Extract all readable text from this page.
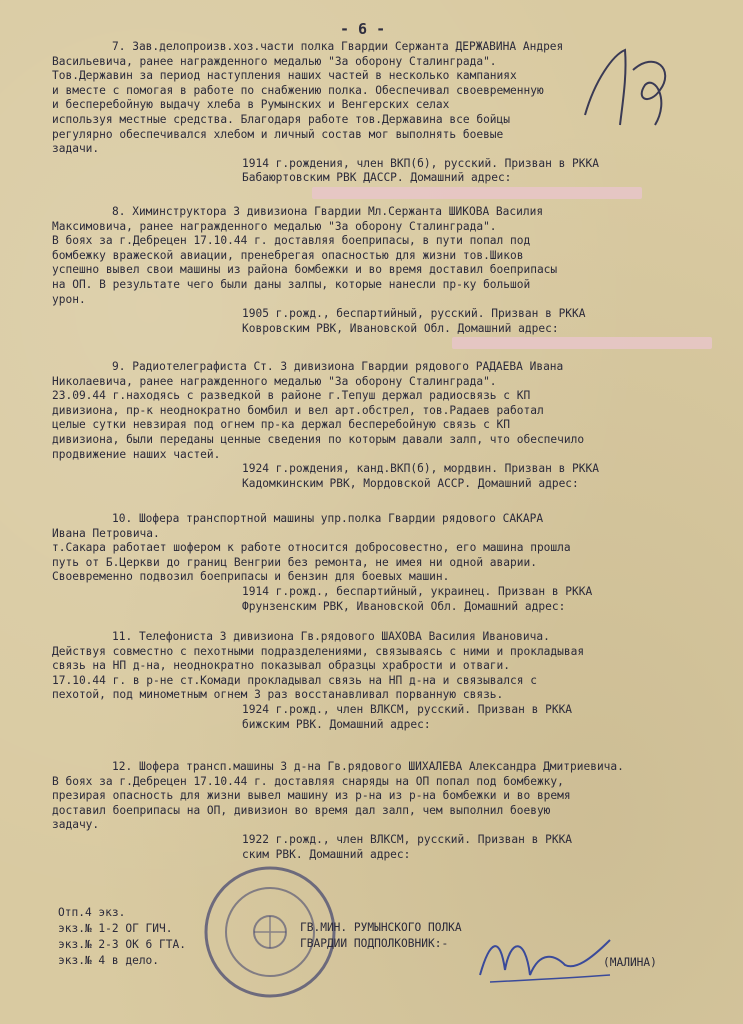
- 6 -

7. Зав.делопроизв.хоз.части полка Гвардии Сержанта ДЕРЖАВИНА Андрея
Васильевича, ранее награжденного медалью "За оборону Сталинграда".
Тов.Державин за период наступления наших частей в несколько кампаниях
и вместе с помогая в работе по снабжению полка. Обеспечивал своевременную
и бесперебойную выдачу хлеба в Румынских и Венгерских селах
используя местные средства. Благодаря работе тов.Державина все бойцы
регулярно обеспечивался хлебом и личный состав мог выполнять боевые
задачи.

1914 г.рождения, член ВКП(б), русский. Призван в РККА
Бабаюртовским РВК ДАССР. Домашний адрес:

8. Химинструктора 3 дивизиона Гвардии Мл.Сержанта ШИКОВА Василия
Максимовича, ранее награжденного медалью "За оборону Сталинграда".
В боях за г.Дебрецен 17.10.44 г. доставляя боеприпасы, в пути попал под
бомбежку вражеской авиации, пренебрегая опасностью для жизни тов.Шиков
успешно вывел свои машины из района бомбежки и во время доставил боеприпасы
на ОП. В результате чего были даны залпы, которые нанесли пр-ку большой
урон.

1905 г.рожд., беспартийный, русский. Призван в РККА
Ковровским РВК, Ивановской Обл. Домашний адрес:

9. Радиотелеграфиста Ст. 3 дивизиона Гвардии рядового РАДАЕВА Ивана
Николаевича, ранее награжденного медалью "За оборону Сталинграда".
23.09.44 г.находясь с разведкой в районе г.Тепуш держал радиосвязь с КП
дивизиона, пр-к неоднократно бомбил и вел арт.обстрел, тов.Радаев работал
целые сутки невзирая под огнем пр-ка держал бесперебойную связь с КП
дивизиона, были переданы ценные сведения по которым давали залп, что обеспечило
продвижение наших частей.

1924 г.рождения, канд.ВКП(б), мордвин. Призван в РККА
Кадомкинским РВК, Мордовской АССР. Домашний адрес:

10. Шофера транспортной машины упр.полка Гвардии рядового САКАРА
Ивана Петровича.
т.Сакара работает шофером к работе относится добросовестно, его машина прошла
путь от Б.Церкви до границ Венгрии без ремонта, не имея ни одной аварии.
Своевременно подвозил боеприпасы и бензин для боевых машин.

1914 г.рожд., беспартийный, украинец. Призван в РККА
Фрунзенским РВК, Ивановской Обл. Домашний адрес:

11. Телефониста 3 дивизиона Гв.рядового ШАХОВА Василия Ивановича.
Действуя совместно с пехотными подразделениями, связываясь с ними и прокладывая
связь на НП д-на, неоднократно показывал образцы храбрости и отваги.
17.10.44 г. в р-не ст.Комади прокладывал связь на НП д-на и связывался с
пехотой, под минометным огнем 3 раз восстанавливал порванную связь.

1924 г.рожд., член ВЛКСМ, русский. Призван в РККА
бижским РВК. Домашний адрес:

12. Шофера трансп.машины 3 д-на Гв.рядового ШИХАЛЕВА Александра Дмитриевича.
В боях за г.Дебрецен 17.10.44 г. доставляя снаряды на ОП попал под бомбежку,
презирая опасность для жизни вывел машину из р-на из р-на бомбежки и во время
доставил боеприпасы на ОП, дивизион во время дал залп, чем выполнил боевую
задачу.

1922 г.рожд., член ВЛКСМ, русский. Призван в РККА
ским РВК. Домашний адрес:

Отп.4 экз.

экз.№ 1-2 ОГ ГИЧ.

экз.№ 2-3 ОК 6 ГТА.

экз.№ 4 в дело.

ГВ.МИН. РУМЫНСКОГО ПОЛКА

ГВАРДИИ ПОДПОЛКОВНИК:-

(МАЛИНА)
